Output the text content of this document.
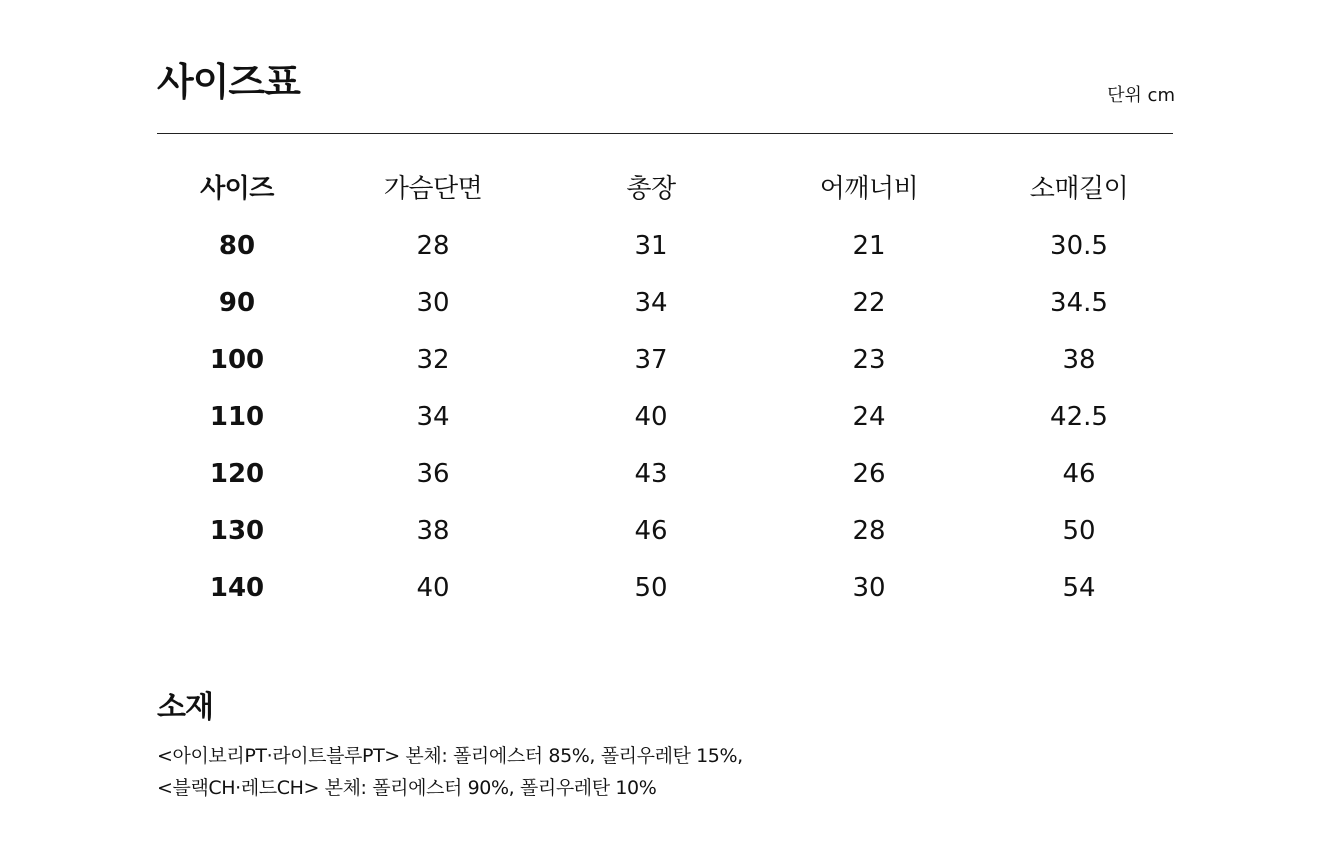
사이즈표	단위 cm
사이즈	가슴단면	총장	어깨너비	소매길이
80	28	31	21	30.5
90	30	34	22	34.5
100	32	37	23	38
110	34	40	24	42.5
120	36	43	26	46
130	38	46	28	50
140	40	50	30	54
소재

<아이보리PT·라이트블루PT> 본체: 폴리에스터 85%, 폴리우레탄 15%,

<블랙CH·레드CH> 본체: 폴리에스터 90%, 폴리우레탄 10%
